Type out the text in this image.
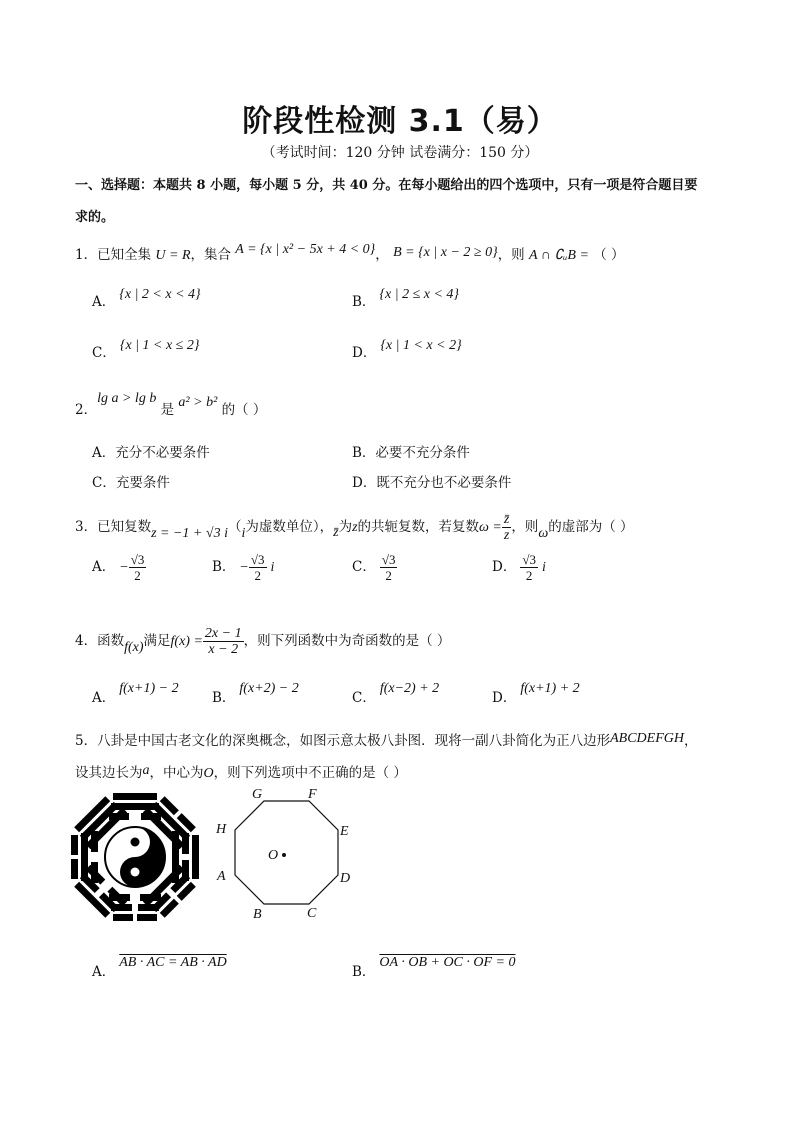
阶段性检测 3.1（易）
（考试时间：120 分钟 试卷满分：150 分）
一、选择题：本题共 8 小题，每小题 5 分，共 40 分。在每小题给出的四个选项中，只有一项是符合题目要
求的。
1．已知全集 U = R，集合 A = {x | x² − 5x + 4 < 0}， B = {x | x − 2 ≥ 0}，则 A ∩ ∁ᵤB = （ ）
A． {x | 2 < x < 4}	B． {x | 2 ≤ x < 4}
C． {x | 1 < x ≤ 2}	D． {x | 1 < x < 2}
2．lg a > lg b 是 a² > b² 的（ ）
A．充分不必要条件	B．必要不充分条件
C．充要条件	D．既不充分也不必要条件
3．已知复数z = −1 + √3 i（i为虚数单位），z̄为z的共轭复数，若复数$\omega = \frac{z̄}{z}$ ，则ω的虚部为（ ）
A． − $\frac{√3}{2}$	B． − $\frac{√3}{2}$ i	C． $\frac{√3}{2}$	D． $\frac{√3}{2}$ i
4．函数f(x)满足$f(x) = \frac{2x - 1}{x - 2}$ ，则下列函数中为奇函数的是（ ）
A．f(x+1) − 2
B．f(x+2) − 2
C．f(x−2) + 2
D．f(x+1) + 2
5．八卦是中国古老文化的深奥概念，如图示意太极八卦图．现将一副八卦简化为正八边形ABCDEFGH，
设其边长为a，中心为O，则下列选项中不正确的是（ ）
G	F
H	E
O
A	D
B	C
A．AB · AC = AB · AD
B．OA · OB + OC · OF = 0
